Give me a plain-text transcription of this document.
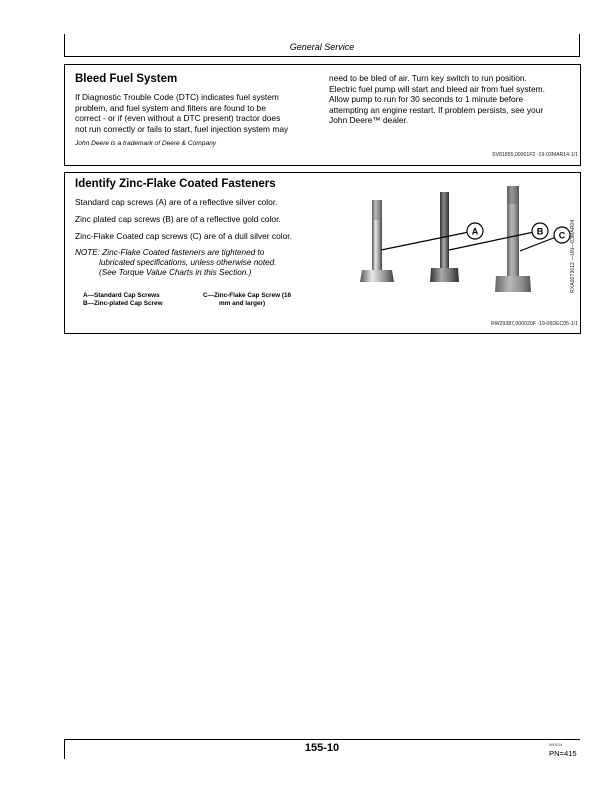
General Service
Bleed Fuel System
If Diagnostic Trouble Code (DTC) indicates fuel system
problem, and fuel system and filters are found to be
correct - or if (even without a DTC present) tractor does
not run correctly or fails to start, fuel injection system may
need to be bled of air. Turn key switch to run position.
Electric fuel pump will start and bleed air from fuel system.
Allow pump to run for 30 seconds to 1 minute before
attempting an engine restart. If problem persists, see your
John Deere™ dealer.
John Deere is a trademark of Deere & Company
SV81855,00001F2 -19-03MAR14-1/1
Identify Zinc-Flake Coated Fasteners
Standard cap screws (A) are of a reflective silver color.
Zinc plated cap screws (B) are of a reflective gold color.
Zinc-Flake Coated cap screws (C) are of a dull silver color.
NOTE: Zinc-Flake Coated fasteners are tightened to
lubricated specifications, unless otherwise noted.
(See Torque Value Charts in this Section.)
A—Standard Cap Screws
B—Zinc-plated Cap Screw
C—Zinc-Flake Cap Screw (16
mm and larger)
A	B C RXA0073612 —UN—03MAR04
RW29387,000020F -19-06DEC05-1/1
155-10	060214
PN=415
